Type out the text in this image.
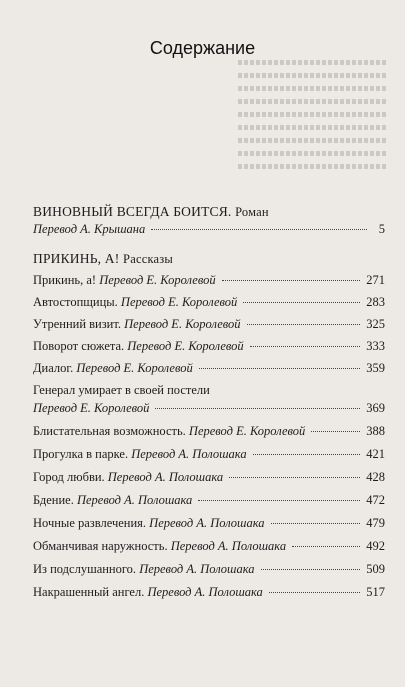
Содержание
ВИНОВНЫЙ ВСЕГДА БОИТСЯ. Роман
Перевод А. Крышана	5
ПРИКИНЬ, А! Рассказы
Прикинь, а! Перевод Е. Королевой	271
Автостопщицы. Перевод Е. Королевой	283
Утренний визит. Перевод Е. Королевой	325
Поворот сюжета. Перевод Е. Королевой	333
Диалог. Перевод Е. Королевой	359
Генерал умирает в своей постели
Перевод Е. Королевой	369
Блистательная возможность. Перевод Е. Королевой	388
Прогулка в парке. Перевод А. Полошака	421
Город любви. Перевод А. Полошака	428
Бдение. Перевод А. Полошака	472
Ночные развлечения. Перевод А. Полошака	479
Обманчивая наружность. Перевод А. Полошака	492
Из подслушанного. Перевод А. Полошака	509
Накрашенный ангел. Перевод А. Полошака	517
